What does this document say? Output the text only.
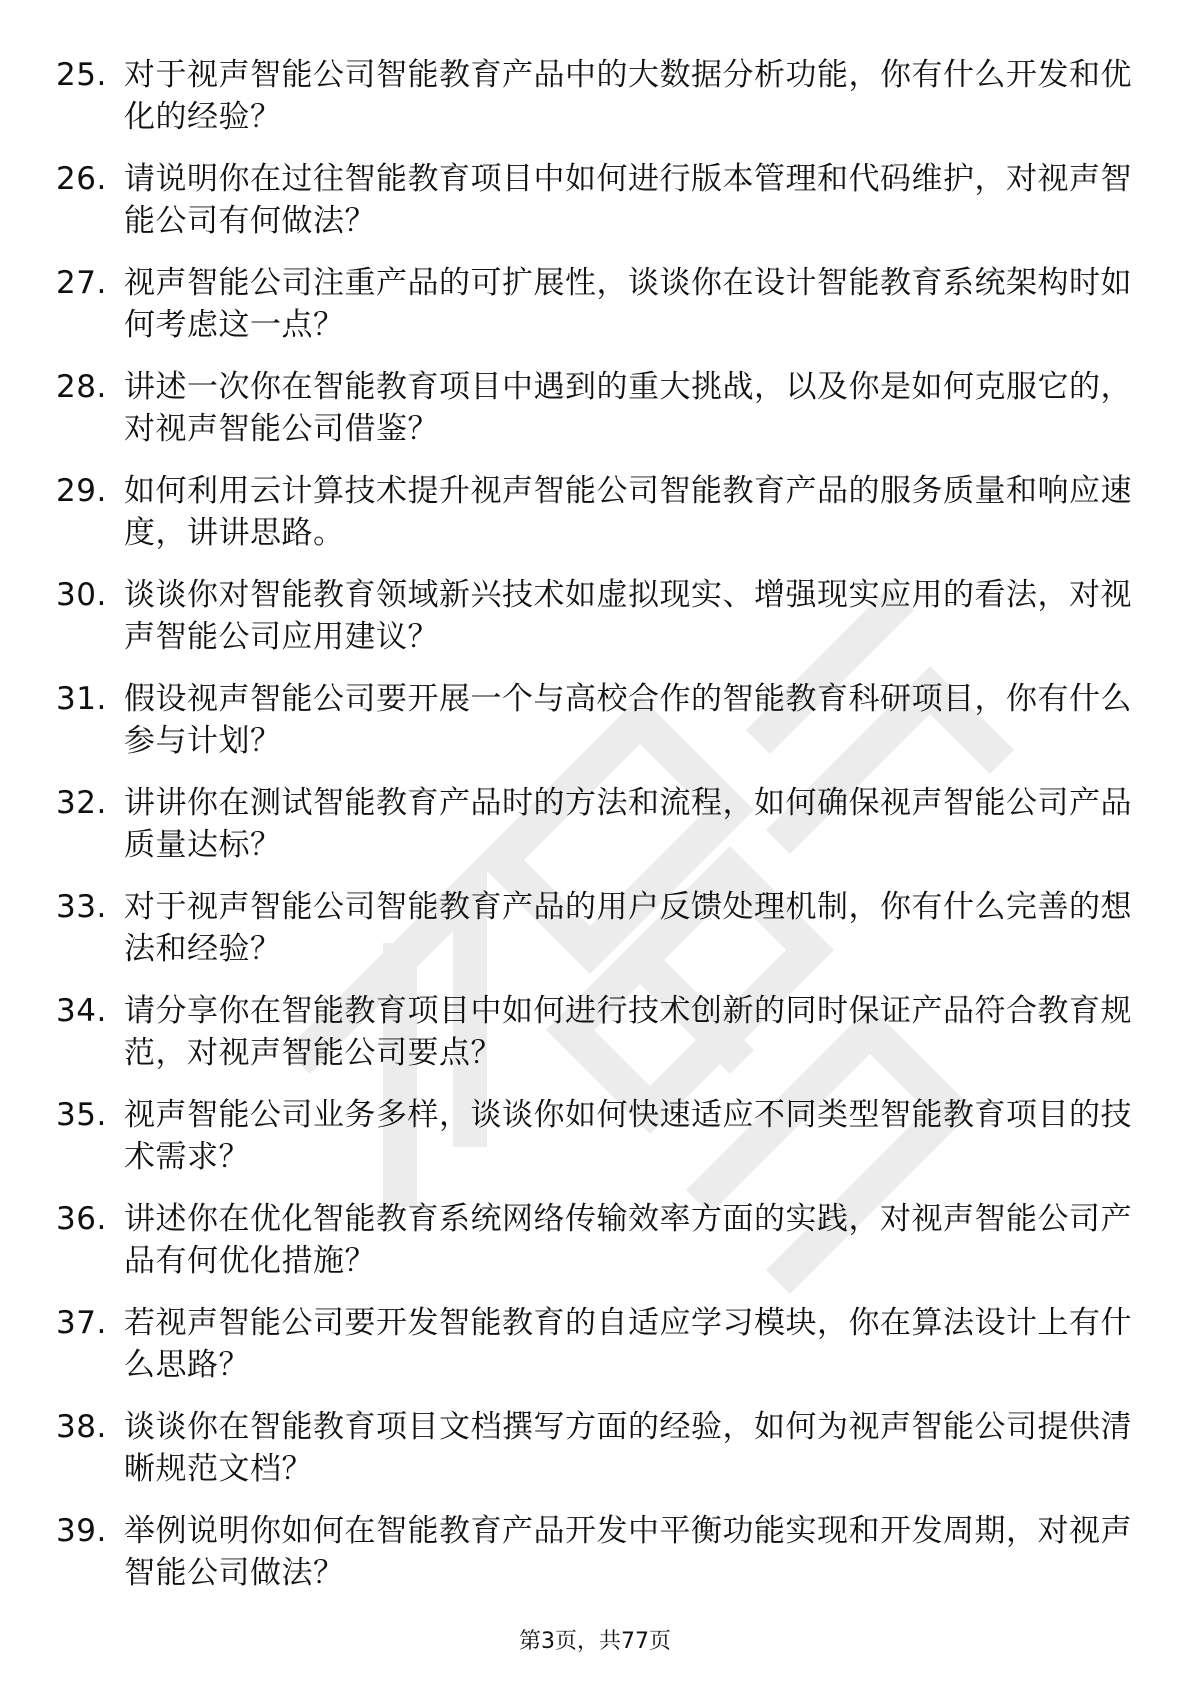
25. 对于视声智能公司智能教育产品中的大数据分析功能，你有什么开发和优化的经验？
26. 请说明你在过往智能教育项目中如何进行版本管理和代码维护，对视声智能公司有何做法？
27. 视声智能公司注重产品的可扩展性，谈谈你在设计智能教育系统架构时如何考虑这一点？
28. 讲述一次你在智能教育项目中遇到的重大挑战，以及你是如何克服它的，对视声智能公司借鉴？
29. 如何利用云计算技术提升视声智能公司智能教育产品的服务质量和响应速度，讲讲思路。
30. 谈谈你对智能教育领域新兴技术如虚拟现实、增强现实应用的看法，对视声智能公司应用建议？
31. 假设视声智能公司要开展一个与高校合作的智能教育科研项目，你有什么参与计划？
32. 讲讲你在测试智能教育产品时的方法和流程，如何确保视声智能公司产品质量达标？
33. 对于视声智能公司智能教育产品的用户反馈处理机制，你有什么完善的想法和经验？
34. 请分享你在智能教育项目中如何进行技术创新的同时保证产品符合教育规范，对视声智能公司要点？
35. 视声智能公司业务多样，谈谈你如何快速适应不同类型智能教育项目的技术需求？
36. 讲述你在优化智能教育系统网络传输效率方面的实践，对视声智能公司产品有何优化措施？
37. 若视声智能公司要开发智能教育的自适应学习模块，你在算法设计上有什么思路？
38. 谈谈你在智能教育项目文档撰写方面的经验，如何为视声智能公司提供清晰规范文档？
39. 举例说明你如何在智能教育产品开发中平衡功能实现和开发周期，对视声智能公司做法？
第3页，共77页
